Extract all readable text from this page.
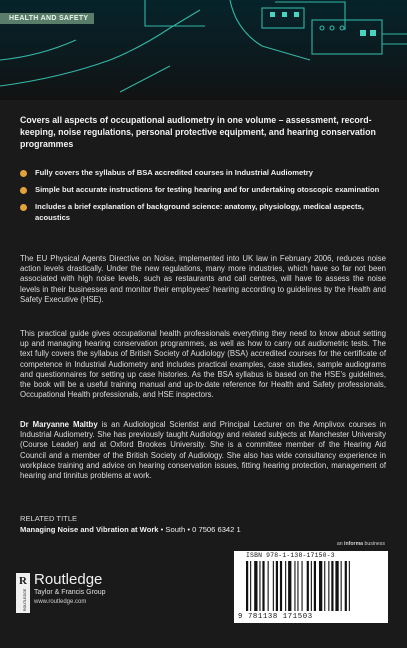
HEALTH AND SAFETY
Covers all aspects of occupational audiometry in one volume – assessment, record-keeping, noise regulations, personal protective equipment, and hearing conservation programmes
Fully covers the syllabus of BSA accredited courses in Industrial Audiometry
Simple but accurate instructions for testing hearing and for undertaking otoscopic examination
Includes a brief explanation of background science: anatomy, physiology, medical aspects, acoustics
The EU Physical Agents Directive on Noise, implemented into UK law in February 2006, reduces noise action levels drastically. Under the new regulations, many more industries, which have so far not been associated with high noise levels, such as restaurants and call centres, will have to assess the noise levels in their businesses and monitor their employees' hearing according to guidelines by the Health and Safety Executive (HSE).
This practical guide gives occupational health professionals everything they need to know about setting up and managing hearing conservation programmes, as well as how to carry out audiometric tests. The text fully covers the syllabus of British Society of Audiology (BSA) accredited courses for the certificate of competence in Industrial Audiometry and includes practical examples, case studies, sample audiograms and questionnaires for setting up case histories. As the BSA syllabus is based on the HSE's guidelines, the book will be a useful training manual and up-to-date reference for Health and Safety professionals, Occupational Health professionals, and HSE inspectors.
Dr Maryanne Maltby is an Audiological Scientist and Principal Lecturer on the Amplivox courses in Industrial Audiometry. She has previously taught Audiology and related subjects at Manchester University (Course Leader) and at Oxford Brookes University. She is a committee member of the Hearing Aid Council and a member of the British Society of Audiology. She also has wide consultancy experience in workplace training and advice on hearing conservation issues, fitting hearing protection, management of hearing and tinnitus problems at work.
RELATED TITLE
Managing Noise and Vibration at Work • South • 0 7506 6342 1
an informa business
R
ROUTLEDGE
Routledge
Taylor & Francis Group
www.routledge.com
ISBN 978-1-138-17150-3
9 781138 171503
